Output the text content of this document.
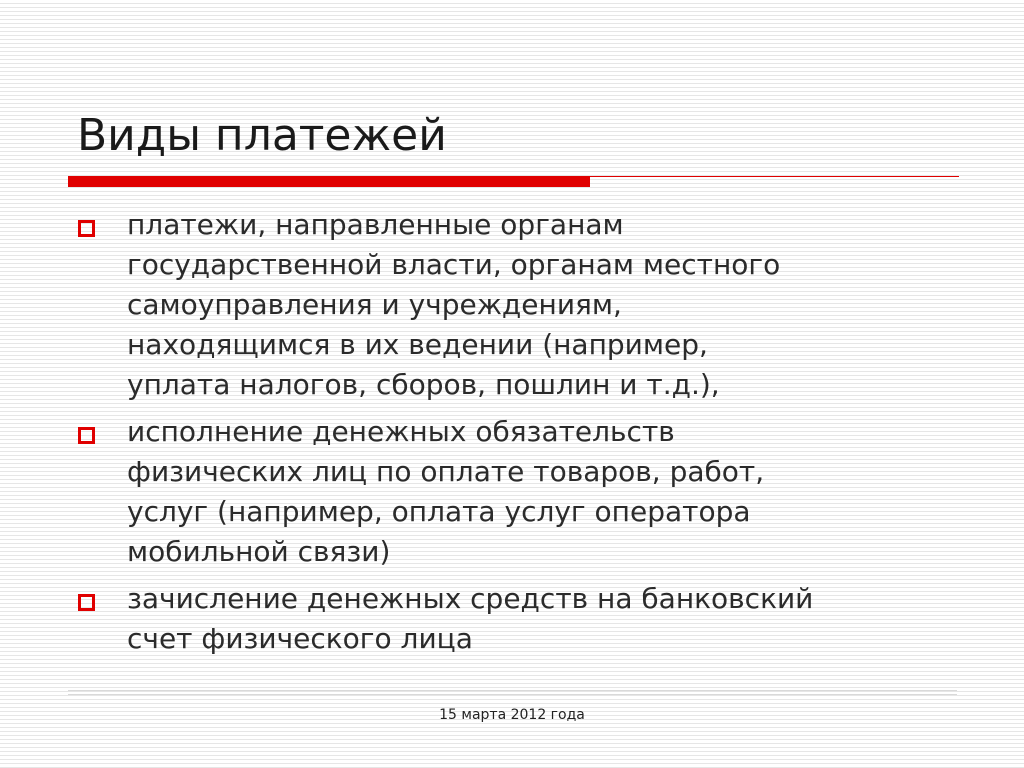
Виды платежей
платежи, направленные органам
государственной власти, органам местного
самоуправления и учреждениям,
находящимся в их ведении (например,
уплата налогов, сборов, пошлин и т.д.),
исполнение денежных обязательств
физических лиц по оплате товаров, работ,
услуг (например, оплата услуг оператора
мобильной связи)
зачисление денежных средств на банковский
счет физического лица
15 марта 2012 года
